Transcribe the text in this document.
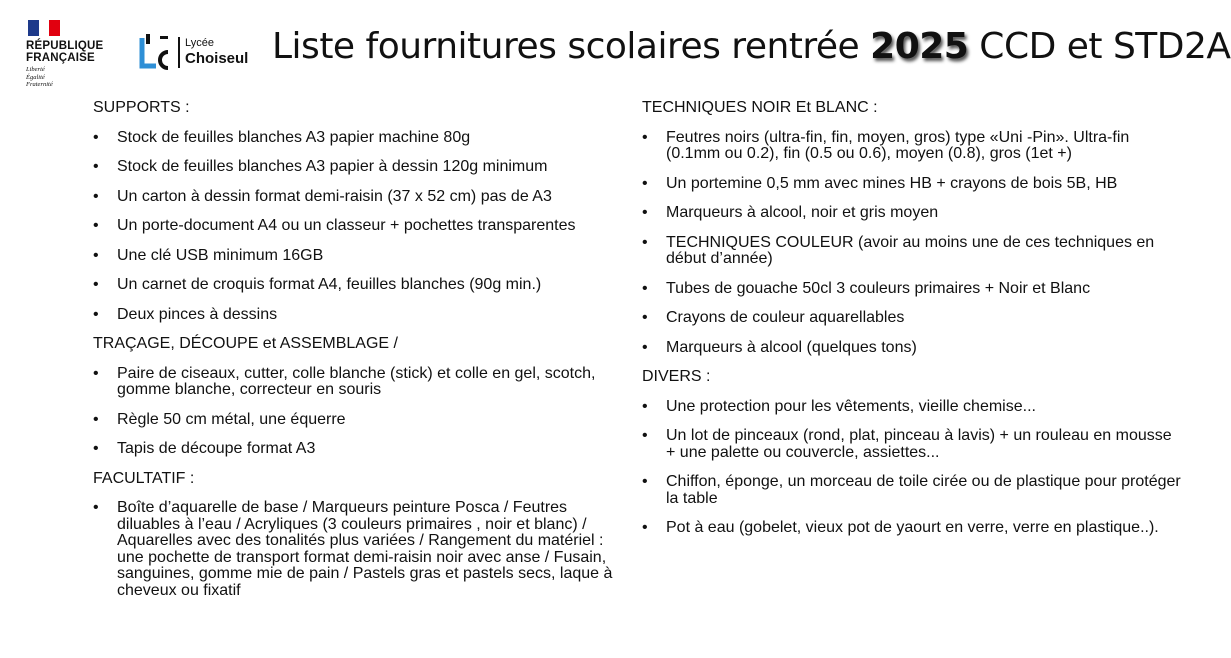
RÉPUBLIQUE
FRANÇAISE
Liberté
Égalité
Fraternité
Lycée
Choiseul Liste fournitures scolaires rentrée 2025 CCD et STD2A
SUPPORTS :
• Stock de feuilles blanches A3 papier machine 80g
• Stock de feuilles blanches A3 papier à dessin 120g minimum
• Un carton à dessin format demi-raisin (37 x 52 cm) pas de A3
• Un porte-document A4 ou un classeur + pochettes transparentes
• Une clé USB minimum 16GB
• Un carnet de croquis format A4, feuilles blanches (90g min.)
• Deux pinces à dessins
TRAÇAGE, DÉCOUPE et ASSEMBLAGE /
• Paire de ciseaux, cutter, colle blanche (stick) et colle en gel, scotch, gomme blanche, correcteur en souris
• Règle 50 cm métal, une équerre
• Tapis de découpe format A3
FACULTATIF :
• Boîte d’aquarelle de base / Marqueurs peinture Posca / Feutres diluables à l’eau / Acryliques (3 couleurs primaires , noir et blanc) / Aquarelles avec des tonalités plus variées / Rangement du matériel : une pochette de transport format demi-raisin noir avec anse / Fusain, sanguines, gomme mie de pain / Pastels gras et pastels secs, laque à cheveux ou fixatif
TECHNIQUES NOIR Et BLANC :
• Feutres noirs (ultra-fin, fin, moyen, gros) type «Uni -Pin». Ultra-fin (0.1mm ou 0.2), fin (0.5 ou 0.6), moyen (0.8), gros (1et +)
• Un portemine 0,5 mm avec mines HB + crayons de bois 5B, HB
• Marqueurs à alcool, noir et gris moyen
• TECHNIQUES COULEUR (avoir au moins une de ces techniques en début d’année)
• Tubes de gouache 50cl 3 couleurs primaires + Noir et Blanc
• Crayons de couleur aquarellables
• Marqueurs à alcool (quelques tons)
DIVERS :
• Une protection pour les vêtements, vieille chemise...
• Un lot de pinceaux (rond, plat, pinceau à lavis) + un rouleau en mousse + une palette ou couvercle, assiettes...
• Chiffon, éponge, un morceau de toile cirée ou de plastique pour protéger la table
• Pot à eau (gobelet, vieux pot de yaourt en verre, verre en plastique..).
